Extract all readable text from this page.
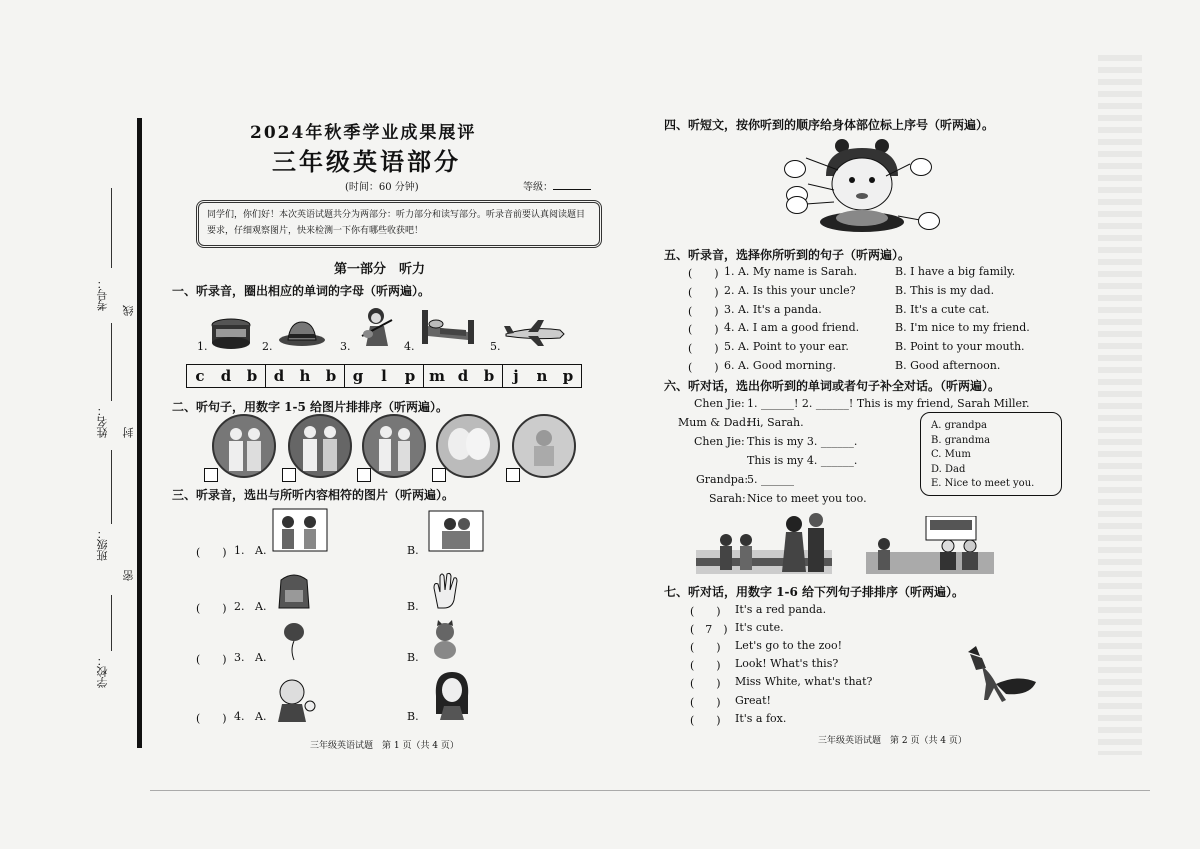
考号： 线
姓名： 封
班级：
密
学校：
2024年秋季学业成果展评
三年级英语部分
(时间：60 分钟)	等级：
同学们，你们好！本次英语试题共分为两部分：听力部分和读写部分。听录音前要认真阅读题目要求，仔细观察图片，快来检测一下你有哪些收获吧！
第一部分　听力
一、听录音，圈出相应的单词的字母（听两遍）。
1.	2.	3.	4.	5.
c	d	b	d	h	b	g	l	p m d	b	j	n	p
二、听句子，用数字 1-5 给图片排排序（听两遍）。
三、听录音，选出与所听内容相符的图片（听两遍）。
(　　) 1. A.	B.
(　　) 2. A.	B.
(　　) 3. A.	B.
(　　) 4. A.	B.
三年级英语试题　第 1 页（共 4 页）
四、听短文，按你听到的顺序给身体部位标上序号（听两遍）。
五、听录音，选择你所听到的句子（听两遍）。
(　　) 1. A. My name is Sarah.	B. I have a big family.
(　　) 2. A. Is this your uncle?	B. This is my dad.
(　　) 3. A. It's a panda.	B. It's a cute cat.
(　　) 4. A. I am a good friend.	B. I'm nice to my friend.
(　　) 5. A. Point to your ear.	B. Point to your mouth.
(　　) 6. A. Good morning.	B. Good afternoon.
六、听对话，选出你听到的单词或者句子补全对话。（听两遍）。
Chen Jie: 1. ______! 2. ______! This is my friend, Sarah Miller.
Mum & Dad:
Hi, Sarah.
Chen Jie: This is my 3. ______.
This is my 4. ______.
Grandpa:
5. ______
Sarah: Nice to meet you too.
A. grandpa
B. grandma
C. Mum
D. Dad
E. Nice to meet you.
七、听对话，用数字 1-6 给下列句子排排序（听两遍）。
(　　) It's a red panda.
(　7　) It's cute.
(　　) Let's go to the zoo!
(　　) Look! What's this?
(　　) Miss White, what's that?
(　　) Great!
(　　) It's a fox.
三年级英语试题　第 2 页（共 4 页）
